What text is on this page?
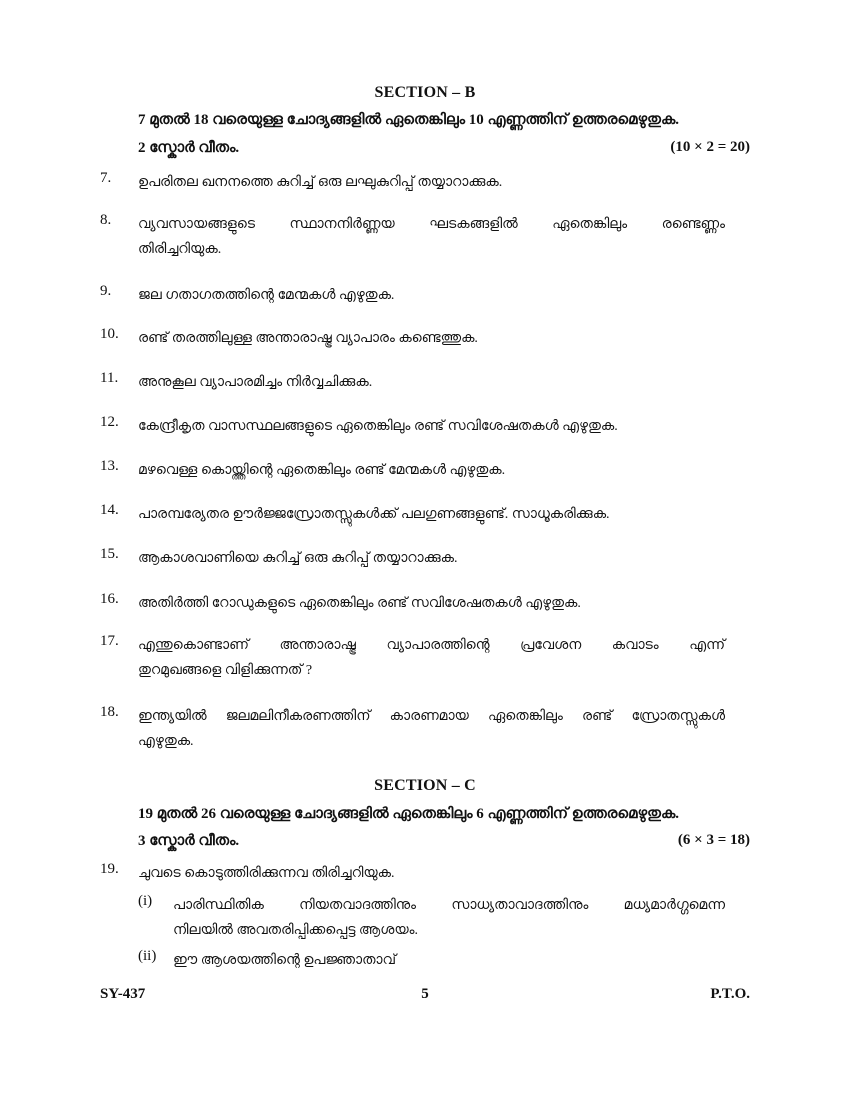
SECTION – B
7 മുതൽ 18 വരെയുള്ള ചോദ്യങ്ങളിൽ ഏതെങ്കിലും 10 എണ്ണത്തിന് ഉത്തരമെഴുതുക.
2 സ്കോർ വീതം.	(10 × 2 = 20)
7. ഉപരിതല ഖനനത്തെ കുറിച്ച് ഒരു ലഘുകുറിപ്പ് തയ്യാറാക്കുക.
8. വ്യവസായങ്ങളുടെ സ്ഥാനനിർണ്ണയ ഘടകങ്ങളിൽ ഏതെങ്കിലും രണ്ടെണ്ണം
തിരിച്ചറിയുക.
9. ജല ഗതാഗതത്തിന്റെ മേന്മകൾ എഴുതുക.
10. രണ്ട് തരത്തിലുള്ള അന്താരാഷ്ട്ര വ്യാപാരം കണ്ടെത്തുക.
11. അനുകൂല വ്യാപാരമിച്ചം നിർവ്വചിക്കുക.
12. കേന്ദ്രീകൃത വാസസ്ഥലങ്ങളുടെ ഏതെങ്കിലും രണ്ട് സവിശേഷതകൾ എഴുതുക.
13. മഴവെള്ള കൊയ്ത്തിന്റെ ഏതെങ്കിലും രണ്ട് മേന്മകൾ എഴുതുക.
14. പാരമ്പര്യേതര ഊർജ്ജസ്രോതസ്സുകൾക്ക് പലഗുണങ്ങളുണ്ട്. സാധൂകരിക്കുക.
15. ആകാശവാണിയെ കുറിച്ച് ഒരു കുറിപ്പ് തയ്യാറാക്കുക.
16. അതിർത്തി റോഡുകളുടെ ഏതെങ്കിലും രണ്ട് സവിശേഷതകൾ എഴുതുക.
17. എന്തുകൊണ്ടാണ് അന്താരാഷ്ട്ര വ്യാപാരത്തിന്റെ പ്രവേശന കവാടം എന്ന്
തുറമുഖങ്ങളെ വിളിക്കുന്നത് ?
18. ഇന്ത്യയിൽ ജലമലിനീകരണത്തിന് കാരണമായ ഏതെങ്കിലും രണ്ട് സ്രോതസ്സുകൾ
എഴുതുക.
SECTION – C
19 മുതൽ 26 വരെയുള്ള ചോദ്യങ്ങളിൽ ഏതെങ്കിലും 6 എണ്ണത്തിന് ഉത്തരമെഴുതുക.
3 സ്കോർ വീതം.	(6 × 3 = 18)
19. ചുവടെ കൊടുത്തിരിക്കുന്നവ തിരിച്ചറിയുക.
(i) പാരിസ്ഥിതിക നിയതവാദത്തിനും സാധ്യതാവാദത്തിനും മധ്യമാർഗ്ഗമെന്ന
നിലയിൽ അവതരിപ്പിക്കപ്പെട്ട ആശയം.
(ii) ഈ ആശയത്തിന്റെ ഉപജ്ഞാതാവ്
SY-437	5	P.T.O.
